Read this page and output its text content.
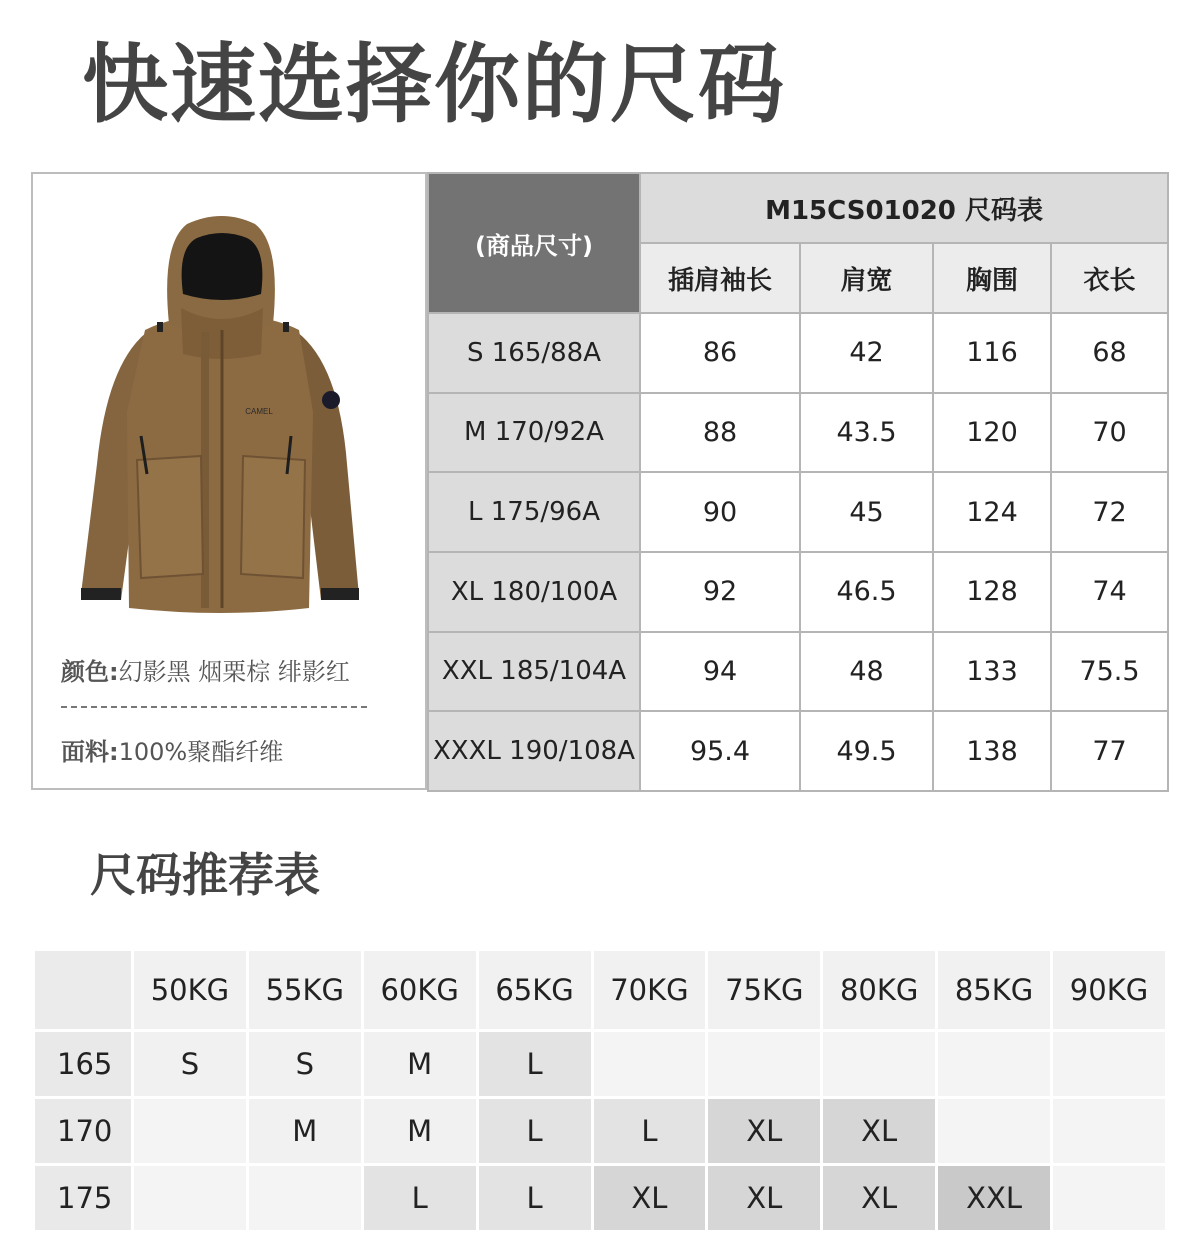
快速选择你的尺码
CAMEL
颜色:幻影黑 烟栗棕 绯影红
面料:100%聚酯纤维
(商品尺寸)	M15CS01020 尺码表			
	插肩袖长	肩宽	胸围	衣长
S 165/88A	86	42	116	68
M 170/92A	88	43.5	120	70
L 175/96A	90	45	124	72
XL 180/100A	92	46.5	128	74
XXL 185/104A	94	48	133	75.5
XXXL 190/108A	95.4	49.5	138	77
尺码推荐表
	50KG	55KG	60KG	65KG	70KG	75KG	80KG	85KG	90KG
165	S	S	M	L					
170		M	M	L	L	XL	XL		
175			L	L	XL	XL	XL	XXL	
